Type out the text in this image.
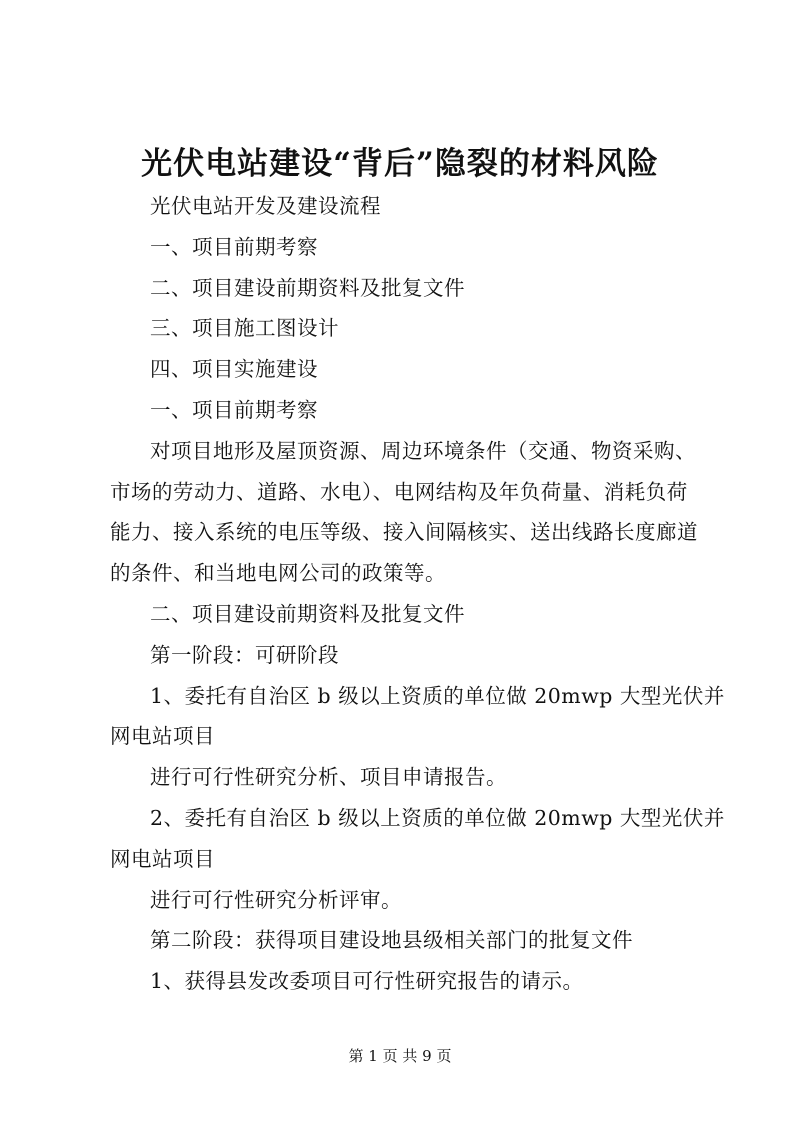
光伏电站建设“背后”隐裂的材料风险

光伏电站开发及建设流程

一、项目前期考察

二、项目建设前期资料及批复文件

三、项目施工图设计

四、项目实施建设

一、项目前期考察

对项目地形及屋顶资源、周边环境条件（交通、物资采购、

市场的劳动力、道路、水电）、电网结构及年负荷量、消耗负荷

能力、接入系统的电压等级、接入间隔核实、送出线路长度廊道

的条件、和当地电网公司的政策等。

二、项目建设前期资料及批复文件

第一阶段：可研阶段

1、委托有自治区 b 级以上资质的单位做 20mwp 大型光伏并

网电站项目

进行可行性研究分析、项目申请报告。

2、委托有自治区 b 级以上资质的单位做 20mwp 大型光伏并

网电站项目

进行可行性研究分析评审。

第二阶段：获得项目建设地县级相关部门的批复文件

1、获得县发改委项目可行性研究报告的请示。

第 1 页 共 9 页
